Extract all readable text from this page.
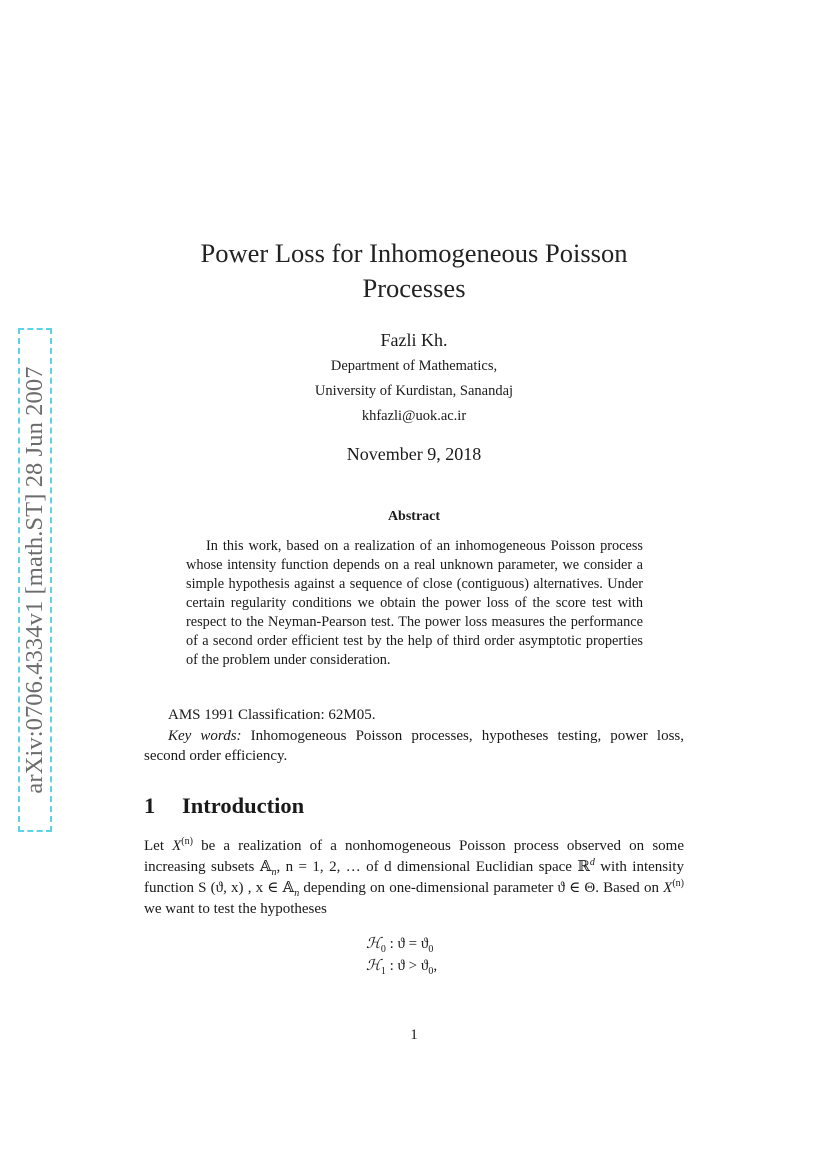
arXiv:0706.4334v1 [math.ST] 28 Jun 2007
Power Loss for Inhomogeneous Poisson Processes
Fazli Kh.
Department of Mathematics,
University of Kurdistan, Sanandaj
khfazli@uok.ac.ir
November 9, 2018
Abstract
In this work, based on a realization of an inhomogeneous Poisson process whose intensity function depends on a real unknown parameter, we consider a simple hypothesis against a sequence of close (contiguous) alternatives. Under certain regularity conditions we obtain the power loss of the score test with respect to the Neyman-Pearson test. The power loss measures the performance of a second order efficient test by the help of third order asymptotic properties of the problem under consideration.
AMS 1991 Classification: 62M05.
Key words: Inhomogeneous Poisson processes, hypotheses testing, power loss, second order efficiency.
1 Introduction
Let $X^{(n)}$ be a realization of a nonhomogeneous Poisson process observed on some increasing subsets 𝔸$_n$, n = 1, 2, … of d dimensional Euclidian space ℝ$^d$ with intensity function S (ϑ, x) , x ∈ 𝔸$_n$ depending on one-dimensional parameter ϑ ∈ Θ. Based on $X^{(n)}$ we want to test the hypotheses
ℋ$_0$ : $ϑ = ϑ_0$
ℋ$_1$ : $ϑ > ϑ_0$,
1
